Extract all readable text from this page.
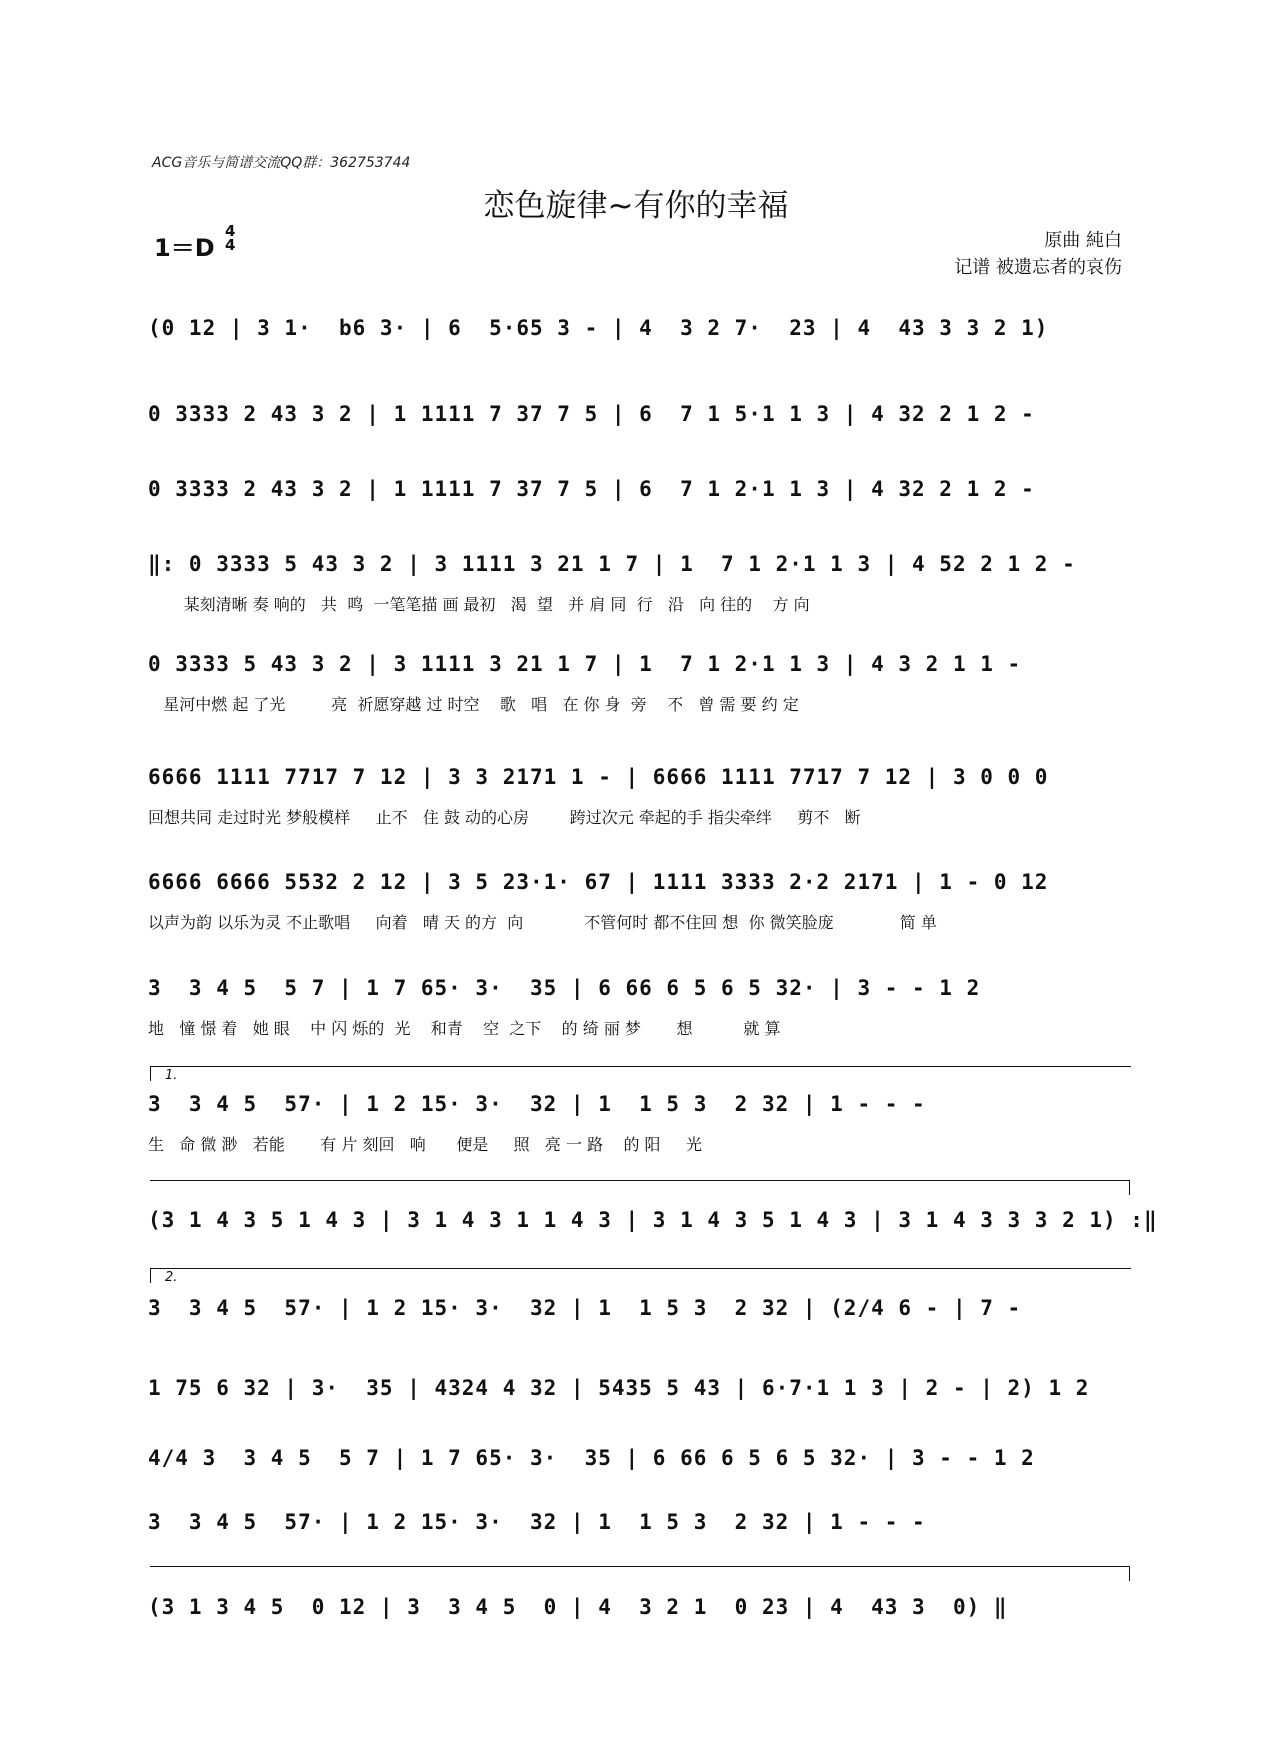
ACG音乐与简谱交流QQ群：362753744
恋色旋律~有你的幸福
1＝D
4
4	原曲 純白
记谱 被遗忘者的哀伤
(0 12 | 3 1·  b6 3· | 6  5·65 3 - | 4  3 2 7·  23 | 4  43 3 3 2 1)
0 3333 2 43 3 2 | 1 1111 7 37 7 5 | 6  7 1 5·1 1 3 | 4 32 2 1 2 -
0 3333 2 43 3 2 | 1 1111 7 37 7 5 | 6  7 1 2·1 1 3 | 4 32 2 1 2 -
‖: 0 3333 5 43 3 2 | 3 1111 3 21 1 7 | 1  7 1 2·1 1 3 | 4 52 2 1 2 -
某刻清晰 奏 响的   共  鸣  一笔笔描 画 最初   渴  望   并 肩 同  行   沿   向 往的    方 向
0 3333 5 43 3 2 | 3 1111 3 21 1 7 | 1  7 1 2·1 1 3 | 4 3 2 1 1 -
星河中燃 起 了光         亮  祈愿穿越 过 时空    歌   唱   在 你 身  旁    不   曾 需 要 约 定
6666 1111 7717 7 12 | 3 3 2171 1 - | 6666 1111 7717 7 12 | 3 0 0 0
回想共同 走过时光 梦般模样     止不   住 鼓 动的心房        跨过次元 牵起的手 指尖牵绊     剪不   断
6666 6666 5532 2 12 | 3 5 23·1· 67 | 1111 3333 2·2 2171 | 1 - 0 12
以声为韵 以乐为灵 不止歌唱     向着   晴 天 的方  向            不管何时 都不住回 想  你 微笑脸庞             简 单
3  3 4 5  5 7 | 1 7 65· 3·  35 | 6 66 6 5 6 5 32· | 3 - - 1 2
地   憧 憬 着   她 眼    中 闪 烁的  光    和青    空  之下    的 绮 丽 梦       想          就 算
1.
3  3 4 5  57· | 1 2 15· 3·  32 | 1  1 5 3  2 32 | 1 - - -
生   命 微 渺   若能       有 片 刻回   响      便是     照   亮 一 路    的 阳     光
(3 1 4 3 5 1 4 3 | 3 1 4 3 1 1 4 3 | 3 1 4 3 5 1 4 3 | 3 1 4 3 3 3 2 1) :‖
2.
3  3 4 5  57· | 1 2 15· 3·  32 | 1  1 5 3  2 32 | (2/4 6 - | 7 -
1 75 6 32 | 3·  35 | 4324 4 32 | 5435 5 43 | 6·7·1 1 3 | 2 - | 2) 1 2
4/4 3  3 4 5  5 7 | 1 7 65· 3·  35 | 6 66 6 5 6 5 32· | 3 - - 1 2
3  3 4 5  57· | 1 2 15· 3·  32 | 1  1 5 3  2 32 | 1 - - -
(3 1 3 4 5  0 12 | 3  3 4 5  0 | 4  3 2 1  0 23 | 4  43 3  0) ‖
